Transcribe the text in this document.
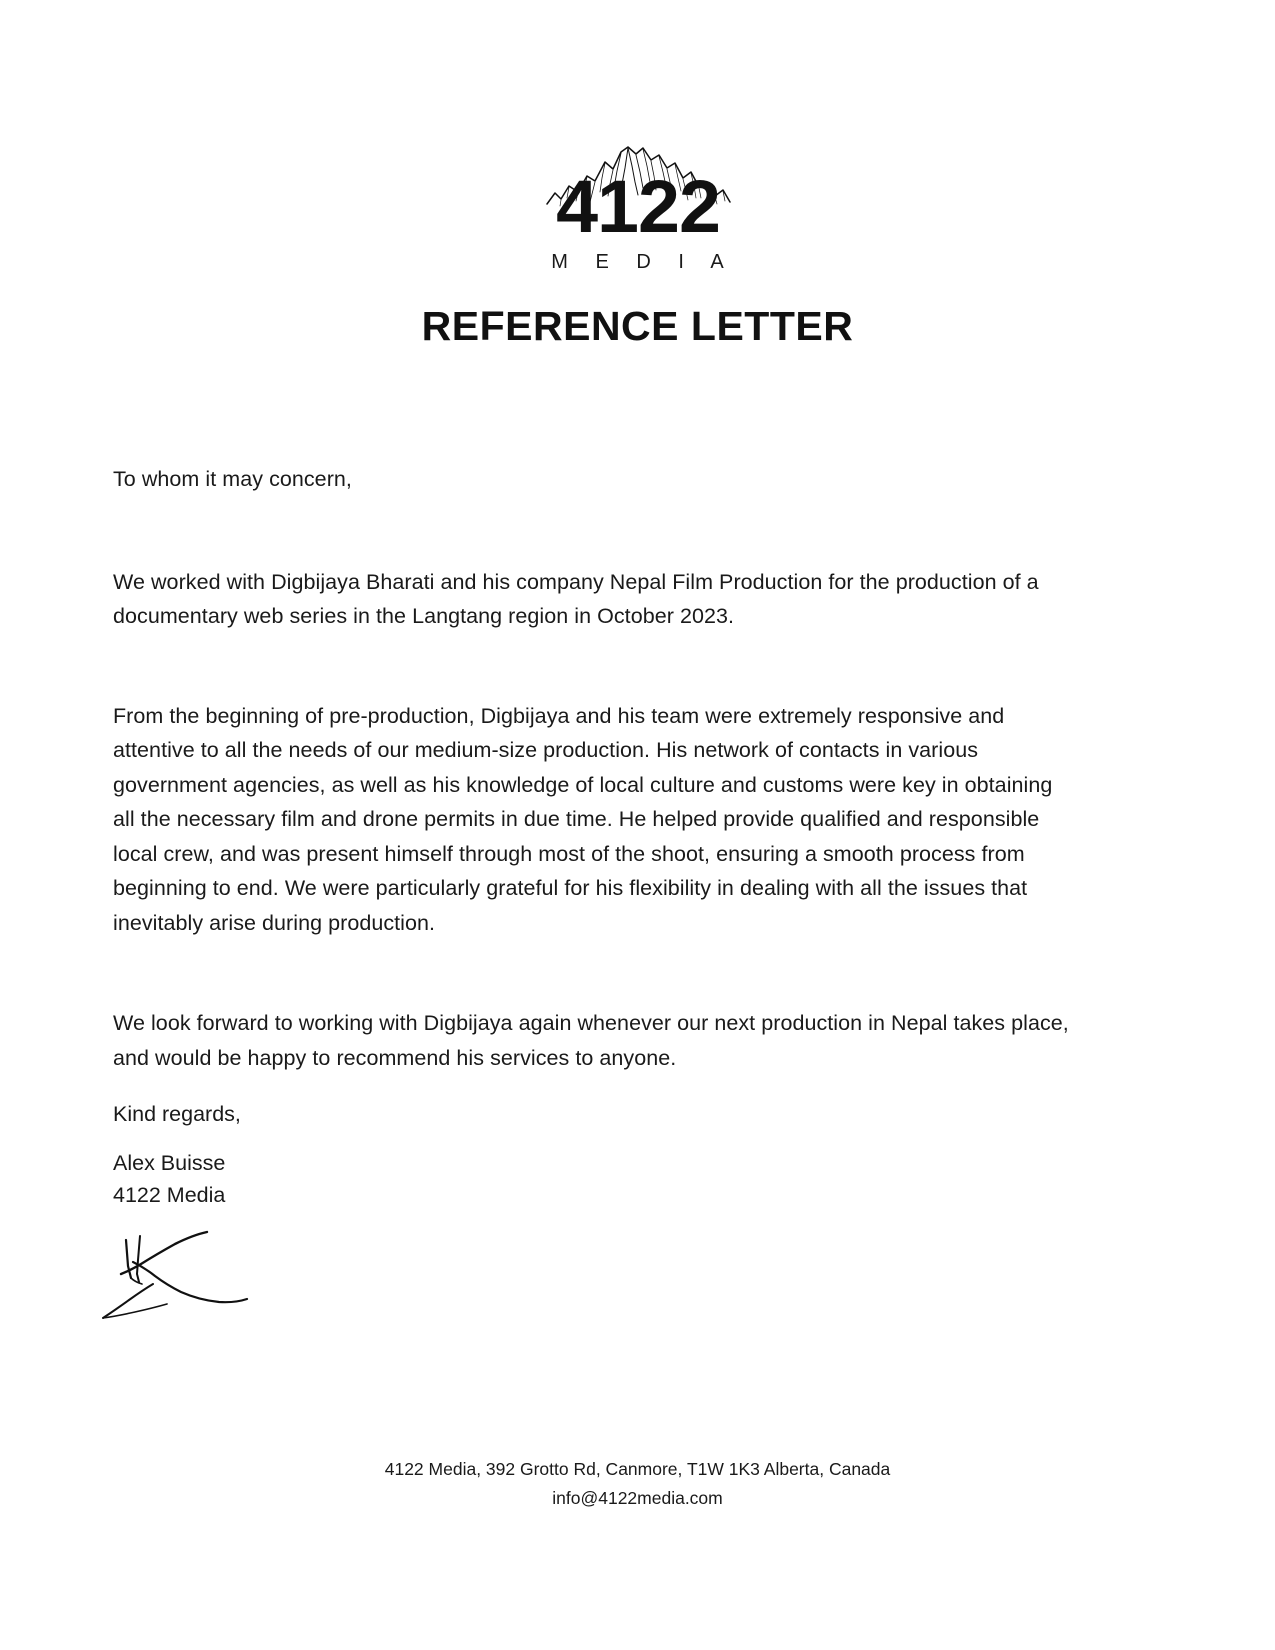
4122
M E D I A
REFERENCE LETTER

To whom it may concern,

We worked with Digbijaya Bharati and his company Nepal Film Production for the production of a documentary web series in the Langtang region in October 2023.

From the beginning of pre-production, Digbijaya and his team were extremely responsive and attentive to all the needs of our medium-size production. His network of contacts in various government agencies, as well as his knowledge of local culture and customs were key in obtaining all the necessary film and drone permits in due time. He helped provide qualified and responsible local crew, and was present himself through most of the shoot, ensuring a smooth process from beginning to end. We were particularly grateful for his flexibility in dealing with all the issues that inevitably arise during production.

We look forward to working with Digbijaya again whenever our next production in Nepal takes place, and would be happy to recommend his services to anyone.

Kind regards,
Alex Buisse
4122 Media
4122 Media, 392 Grotto Rd, Canmore, T1W 1K3 Alberta, Canada
info@4122media.com
